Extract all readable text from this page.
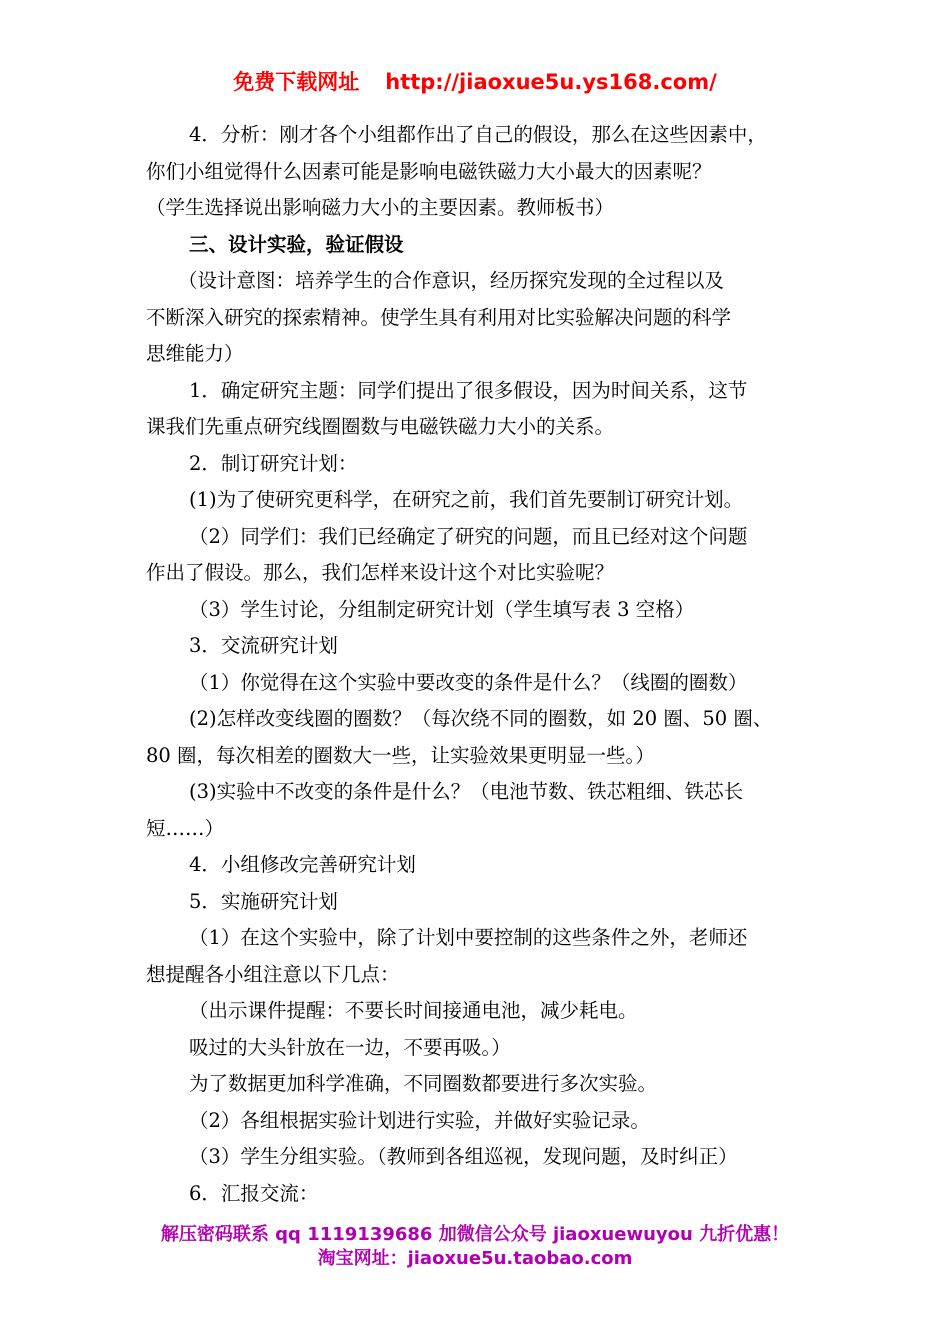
免费下载网址 http://jiaoxue5u.ys168.com/

4．分析：刚才各个小组都作出了自己的假设，那么在这些因素中，

你们小组觉得什么因素可能是影响电磁铁磁力大小最大的因素呢？

（学生选择说出影响磁力大小的主要因素。教师板书）

三、设计实验，验证假设

（设计意图：培养学生的合作意识，经历探究发现的全过程以及

不断深入研究的探索精神。使学生具有利用对比实验解决问题的科学

思维能力）

1．确定研究主题：同学们提出了很多假设，因为时间关系，这节

课我们先重点研究线圈圈数与电磁铁磁力大小的关系。

2．制订研究计划：

(1)为了使研究更科学，在研究之前，我们首先要制订研究计划。

（2）同学们：我们已经确定了研究的问题，而且已经对这个问题

作出了假设。那么，我们怎样来设计这个对比实验呢？

（3）学生讨论，分组制定研究计划（学生填写表 3 空格）

3．交流研究计划

（1）你觉得在这个实验中要改变的条件是什么？（线圈的圈数）

(2)怎样改变线圈的圈数？（每次绕不同的圈数，如 20 圈、50 圈、

80 圈，每次相差的圈数大一些，让实验效果更明显一些。）

(3)实验中不改变的条件是什么？（电池节数、铁芯粗细、铁芯长

短……）

4．小组修改完善研究计划

5．实施研究计划

（1）在这个实验中，除了计划中要控制的这些条件之外，老师还

想提醒各小组注意以下几点：

（出示课件提醒：不要长时间接通电池，减少耗电。

吸过的大头针放在一边，不要再吸。）

为了数据更加科学准确，不同圈数都要进行多次实验。

（2）各组根据实验计划进行实验，并做好实验记录。

（3）学生分组实验。（教师到各组巡视，发现问题，及时纠正）

6．汇报交流：

解压密码联系 qq 1119139686 加微信公众号 jiaoxuewuyou 九折优惠！
淘宝网址：jiaoxue5u.taobao.com
